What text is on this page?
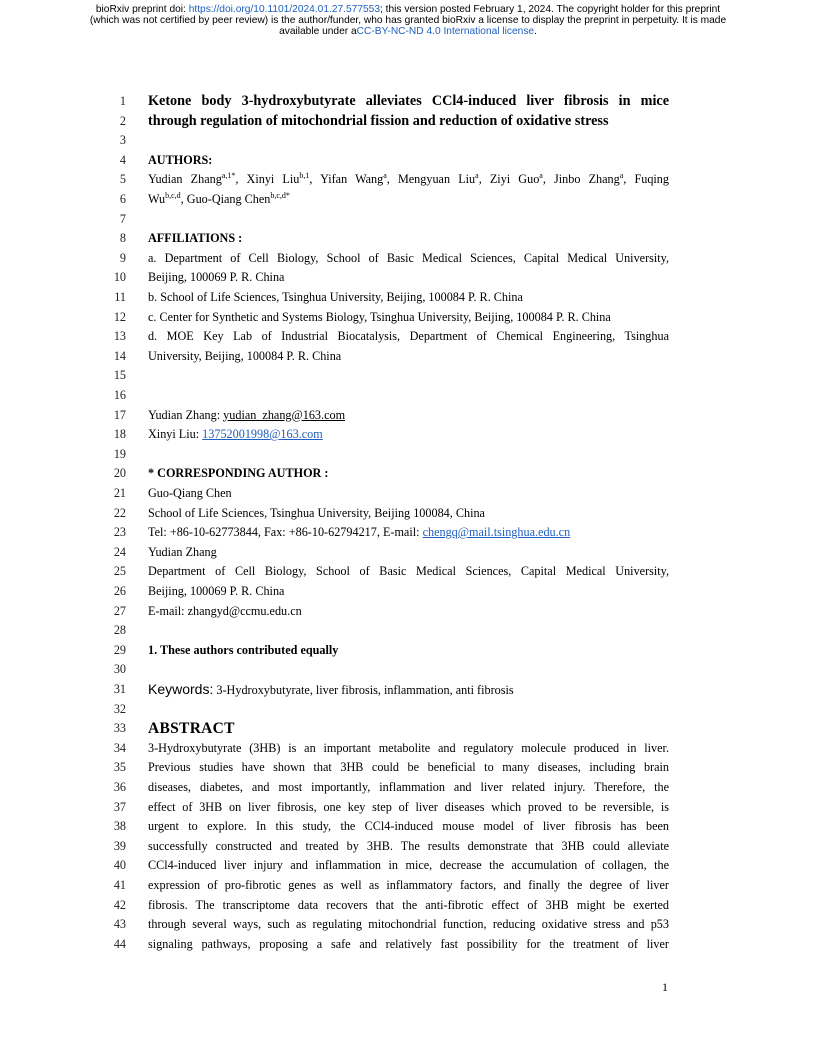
bioRxiv preprint doi: https://doi.org/10.1101/2024.01.27.577553; this version posted February 1, 2024. The copyright holder for this preprint
(which was not certified by peer review) is the author/funder, who has granted bioRxiv a license to display the preprint in perpetuity. It is made
available under aCC-BY-NC-ND 4.0 International license.
1
2
3
4
5
6
7
8
9
10
11
12
13
14
15
16
17
18
19
20
21
22
23
24
25
26
27
28
29
30
31
32
33
34
35
36
37
38
39
40
41
42
43
44
Ketone body 3-hydroxybutyrate alleviates CCl4-induced liver fibrosis in mice
through regulation of mitochondrial fission and reduction of oxidative stress
AUTHORS:
Yudian Zhang$^{a,1*}$, Xinyi Liu$^{b,1}$, Yifan Wang$^a$, Mengyuan Liu$^a$, Ziyi Guo$^a$, Jinbo Zhang$^a$, Fuqing
Wu$^{b,c,d}$, Guo-Qiang Chen$^{b,c,d*}$
AFFILIATIONS :
a. Department of Cell Biology, School of Basic Medical Sciences, Capital Medical University,
Beijing, 100069 P. R. China
b. School of Life Sciences, Tsinghua University, Beijing, 100084 P. R. China
c. Center for Synthetic and Systems Biology, Tsinghua University, Beijing, 100084 P. R. China
d. MOE Key Lab of Industrial Biocatalysis, Department of Chemical Engineering, Tsinghua
University, Beijing, 100084 P. R. China
Yudian Zhang: yudian_zhang@163.com
Xinyi Liu: 13752001998@163.com
* CORRESPONDING AUTHOR :
Guo-Qiang Chen
School of Life Sciences, Tsinghua University, Beijing 100084, China
Tel: +86-10-62773844, Fax: +86-10-62794217, E-mail: chengq@mail.tsinghua.edu.cn
Yudian Zhang
Department of Cell Biology, School of Basic Medical Sciences, Capital Medical University,
Beijing, 100069 P. R. China
E-mail: zhangyd@ccmu.edu.cn
1. These authors contributed equally
Keywords: 3-Hydroxybutyrate, liver fibrosis, inflammation, anti fibrosis
ABSTRACT
3-Hydroxybutyrate (3HB) is an important metabolite and regulatory molecule produced in liver.
Previous studies have shown that 3HB could be beneficial to many diseases, including brain
diseases, diabetes, and most importantly, inflammation and liver related injury. Therefore, the
effect of 3HB on liver fibrosis, one key step of liver diseases which proved to be reversible, is
urgent to explore. In this study, the CCl4-induced mouse model of liver fibrosis has been
successfully constructed and treated by 3HB. The results demonstrate that 3HB could alleviate
CCl4-induced liver injury and inflammation in mice, decrease the accumulation of collagen, the
expression of pro-fibrotic genes as well as inflammatory factors, and finally the degree of liver
fibrosis. The transcriptome data recovers that the anti-fibrotic effect of 3HB might be exerted
through several ways, such as regulating mitochondrial function, reducing oxidative stress and p53
signaling pathways, proposing a safe and relatively fast possibility for the treatment of liver
1
